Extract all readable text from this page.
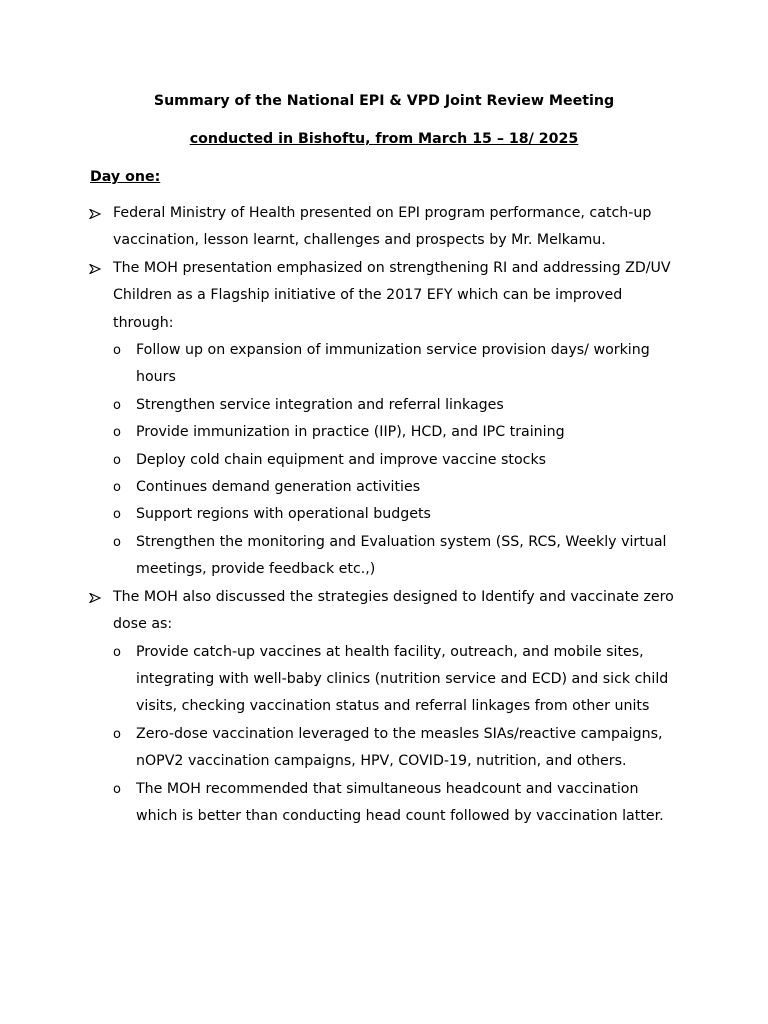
Summary of the National EPI & VPD Joint Review Meeting

conducted in Bishoftu, from March 15 – 18/ 2025

Day one:

Federal Ministry of Health presented on EPI program performance, catch-up vaccination, lesson learnt, challenges and prospects by Mr. Melkamu.
The MOH presentation emphasized on strengthening RI and addressing ZD/UV Children as a Flagship initiative of the 2017 EFY which can be improved through:
o Follow up on expansion of immunization service provision days/ working hours
o Strengthen service integration and referral linkages
o Provide immunization in practice (IIP), HCD, and IPC training
o Deploy cold chain equipment and improve vaccine stocks
o Continues demand generation activities
o Support regions with operational budgets
o Strengthen the monitoring and Evaluation system (SS, RCS, Weekly virtual meetings, provide feedback etc.,)
The MOH also discussed the strategies designed to Identify and vaccinate zero dose as:
o Provide catch-up vaccines at health facility, outreach, and mobile sites, integrating with well-baby clinics (nutrition service and ECD) and sick child visits, checking vaccination status and referral linkages from other units
o Zero-dose vaccination leveraged to the measles SIAs/reactive campaigns, nOPV2 vaccination campaigns, HPV, COVID-19, nutrition, and others.
o The MOH recommended that simultaneous headcount and vaccination which is better than conducting head count followed by vaccination latter.
